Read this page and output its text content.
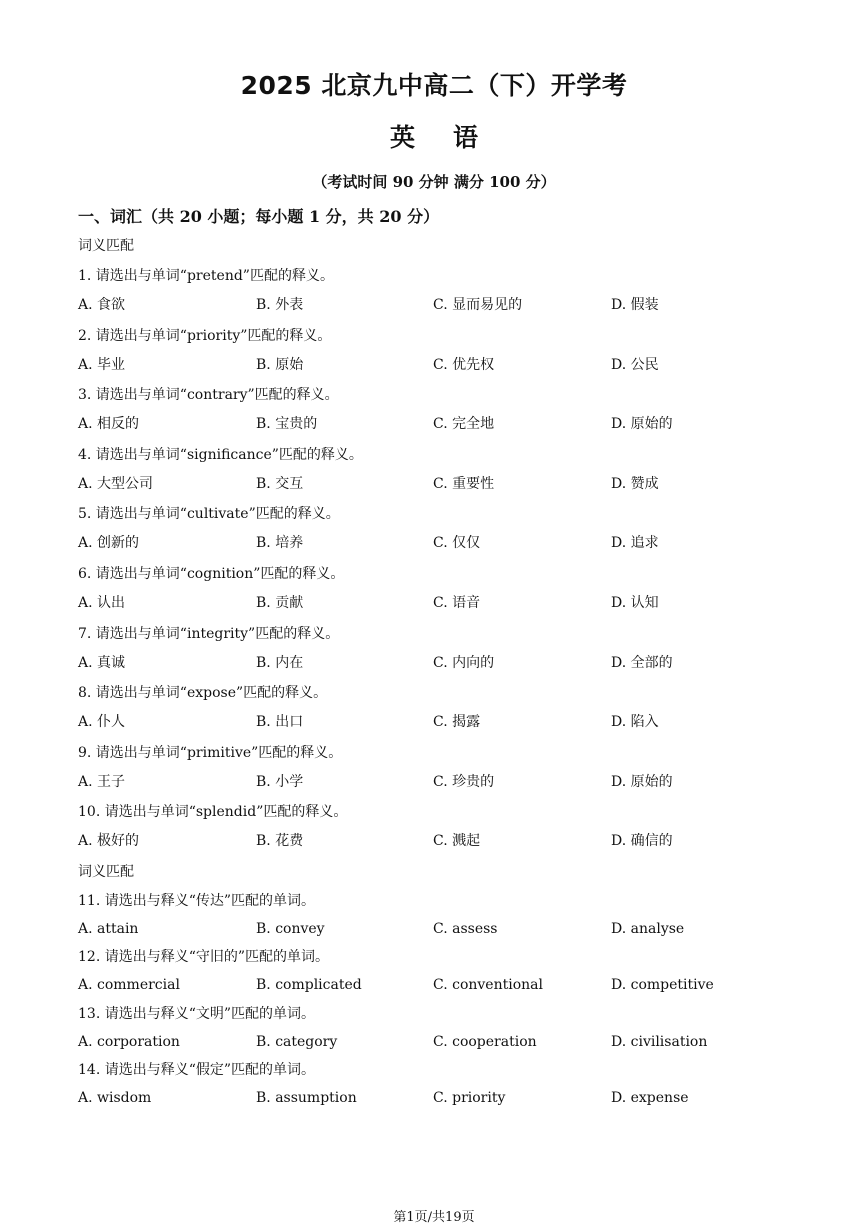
2025 北京九中高二（下）开学考
英语
（考试时间 90 分钟 满分 100 分）
一、词汇（共 20 小题；每小题 1 分，共 20 分）
词义匹配
1. 请选出与单词“pretend”匹配的释义。
A. 食欲	B. 外表	C. 显而易见的	D. 假装
2. 请选出与单词“priority”匹配的释义。
A. 毕业	B. 原始	C. 优先权	D. 公民
3. 请选出与单词“contrary”匹配的释义。
A. 相反的	B. 宝贵的	C. 完全地	D. 原始的
4. 请选出与单词“significance”匹配的释义。
A. 大型公司	B. 交互	C. 重要性	D. 赞成
5. 请选出与单词“cultivate”匹配的释义。
A. 创新的	B. 培养	C. 仅仅	D. 追求
6. 请选出与单词“cognition”匹配的释义。
A. 认出	B. 贡献	C. 语音	D. 认知
7. 请选出与单词“integrity”匹配的释义。
A. 真诚	B. 内在	C. 内向的	D. 全部的
8. 请选出与单词“expose”匹配的释义。
A. 仆人	B. 出口	C. 揭露	D. 陷入
9. 请选出与单词“primitive”匹配的释义。
A. 王子	B. 小学	C. 珍贵的	D. 原始的
10. 请选出与单词“splendid”匹配的释义。
A. 极好的	B. 花费	C. 溅起	D. 确信的
词义匹配
11. 请选出与释义“传达”匹配的单词。
A. attain	B. convey	C. assess	D. analyse
12. 请选出与释义“守旧的”匹配的单词。
A. commercial	B. complicated	C. conventional	D. competitive
13. 请选出与释义“文明”匹配的单词。
A. corporation	B. category	C. cooperation	D. civilisation
14. 请选出与释义“假定”匹配的单词。
A. wisdom	B. assumption	C. priority	D. expense
第1页/共19页
